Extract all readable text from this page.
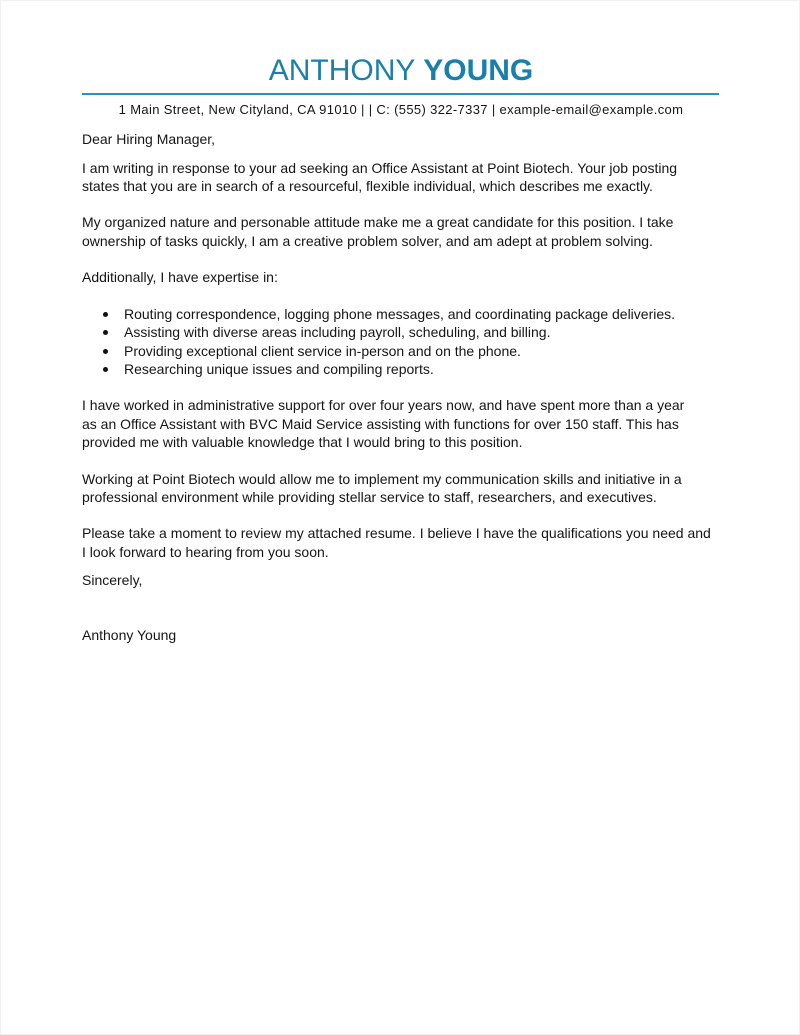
ANTHONY YOUNG
1 Main Street, New Cityland, CA 91010 | | C: (555) 322-7337 | example-email@example.com
Dear Hiring Manager,
I am writing in response to your ad seeking an Office Assistant at Point Biotech. Your job posting
states that you are in search of a resourceful, flexible individual, which describes me exactly.
My organized nature and personable attitude make me a great candidate for this position. I take
ownership of tasks quickly, I am a creative problem solver, and am adept at problem solving.
Additionally, I have expertise in:
Routing correspondence, logging phone messages, and coordinating package deliveries.
Assisting with diverse areas including payroll, scheduling, and billing.
Providing exceptional client service in-person and on the phone.
Researching unique issues and compiling reports.
I have worked in administrative support for over four years now, and have spent more than a year
as an Office Assistant with BVC Maid Service assisting with functions for over 150 staff. This has
provided me with valuable knowledge that I would bring to this position.
Working at Point Biotech would allow me to implement my communication skills and initiative in a
professional environment while providing stellar service to staff, researchers, and executives.
Please take a moment to review my attached resume. I believe I have the qualifications you need and
I look forward to hearing from you soon.
Sincerely,
Anthony Young
